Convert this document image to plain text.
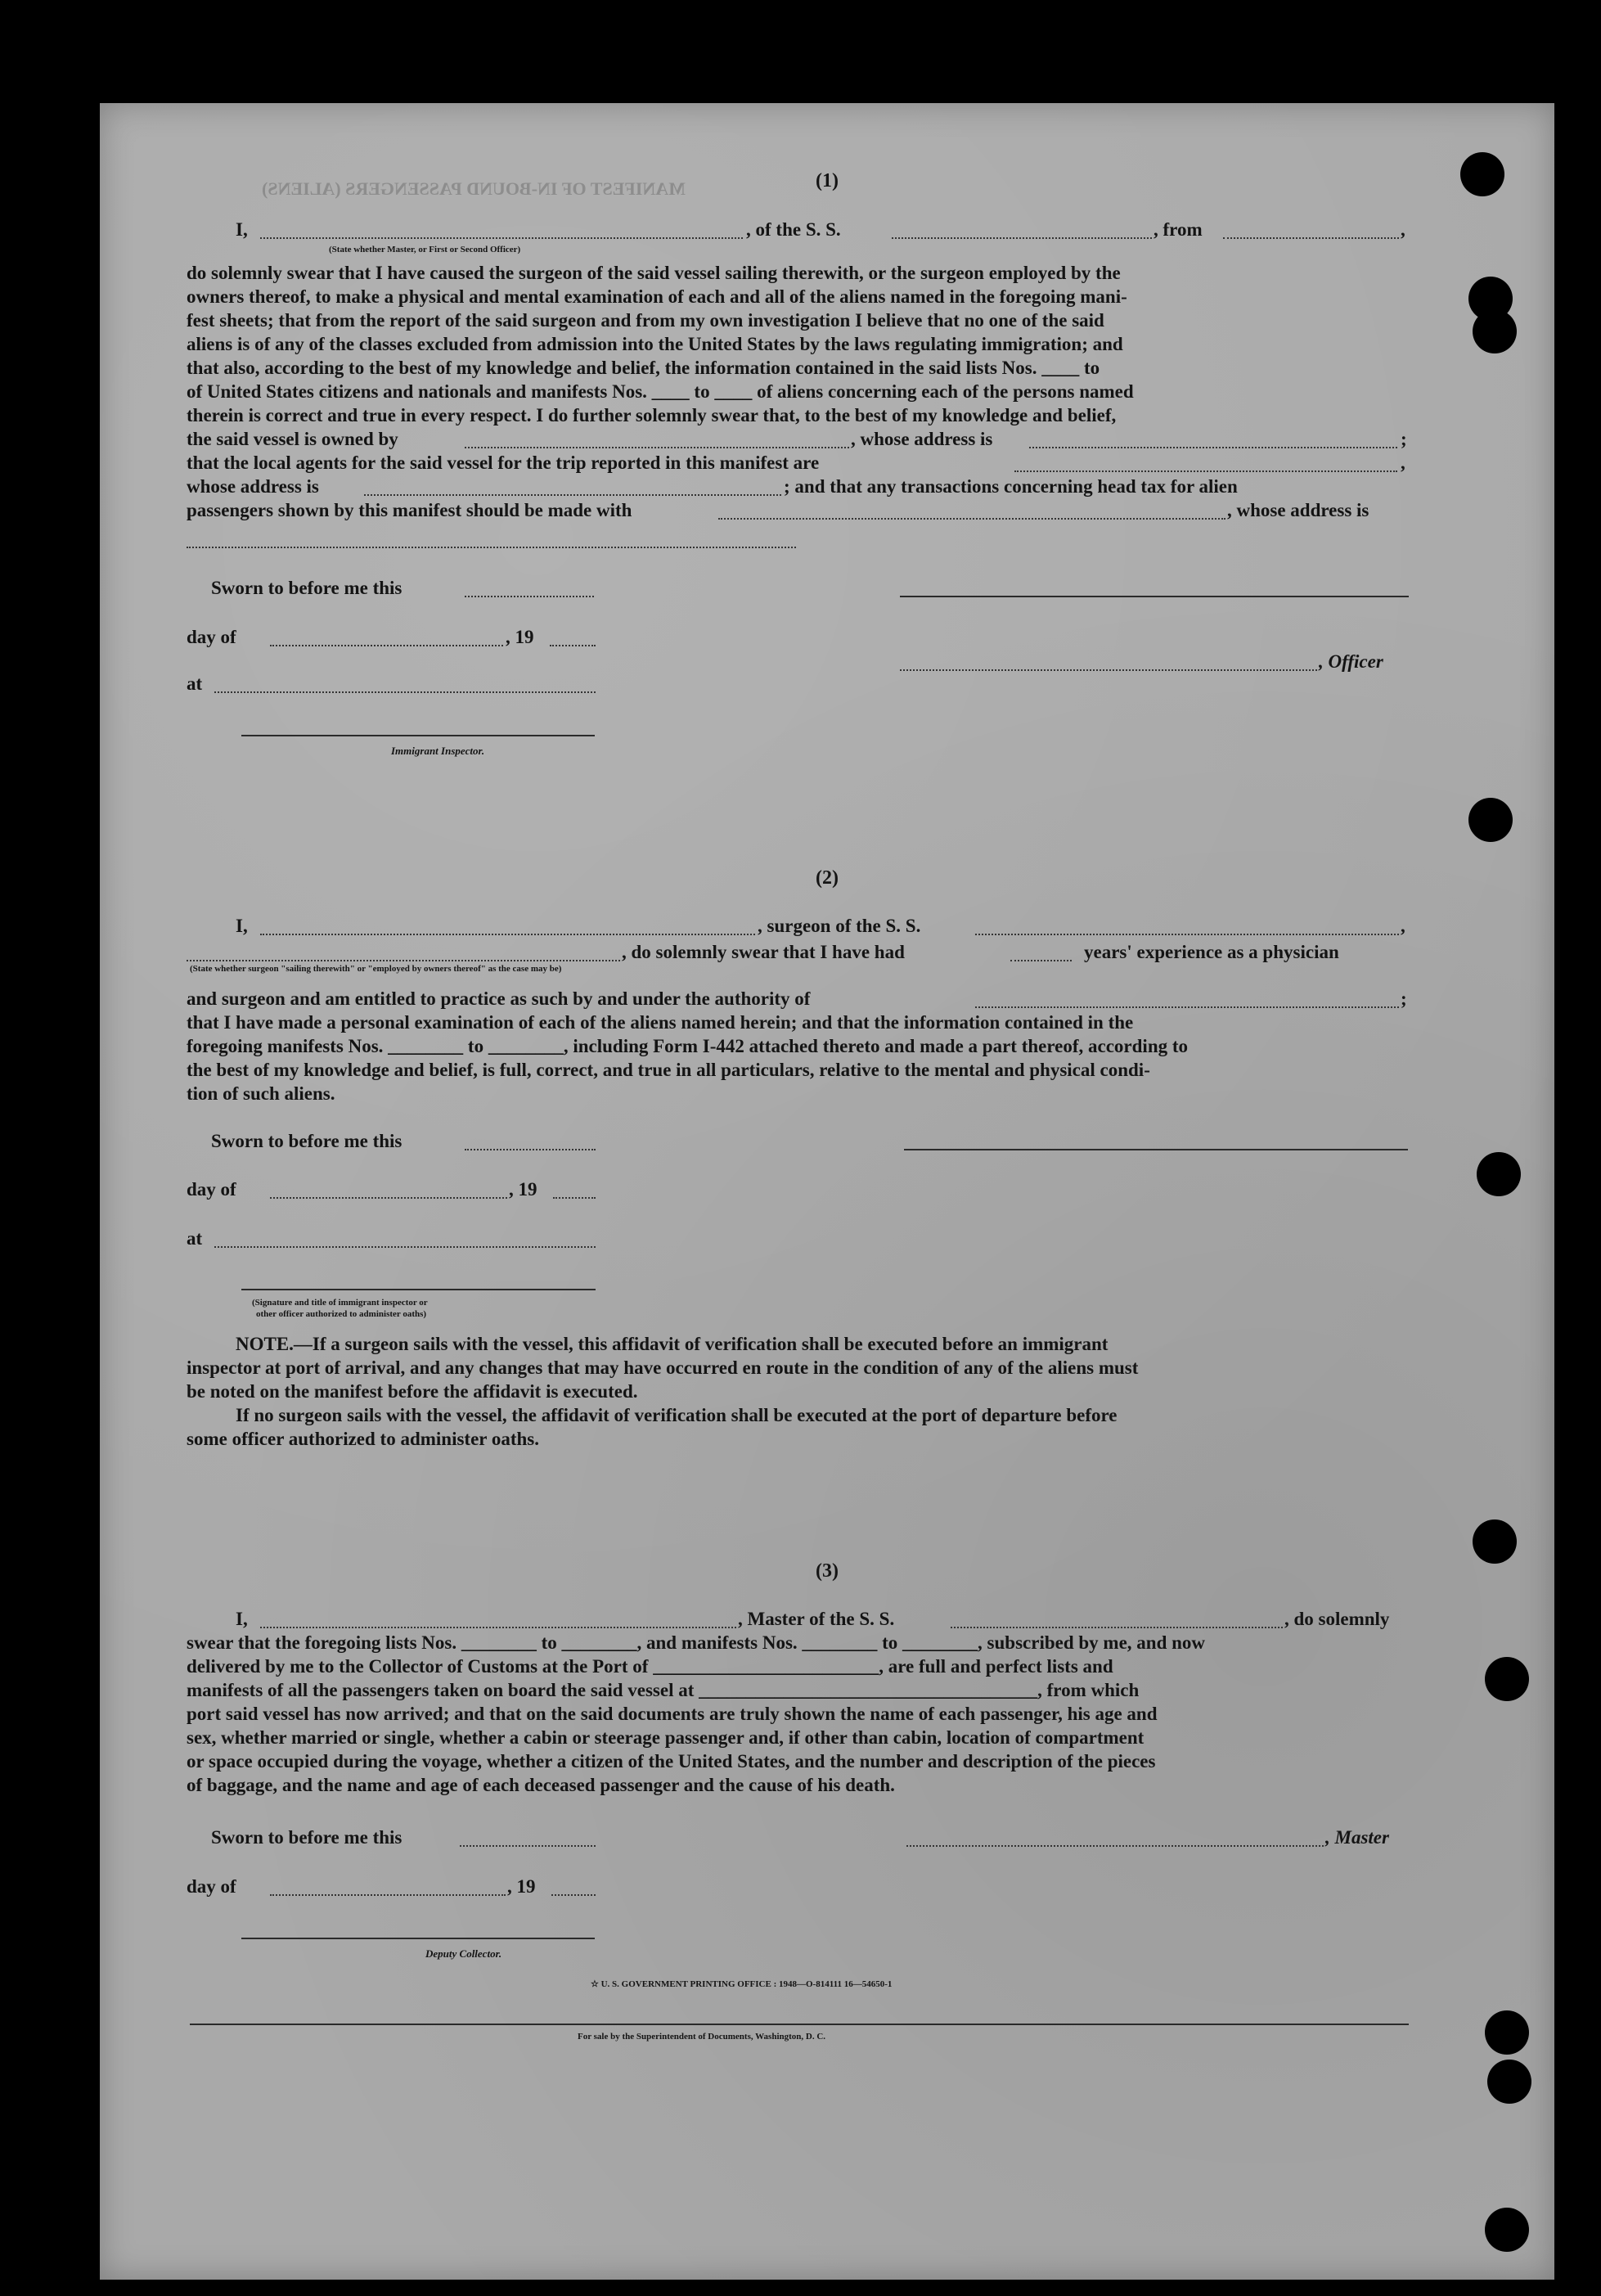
MANIFEST OF IN-BOUND PASSENGERS (ALIENS)	(1)
I,	, of the S. S.	, from	,
(State whether Master, or First or Second Officer)
do solemnly swear that I have caused the surgeon of the said vessel sailing therewith, or the surgeon employed by the
owners thereof, to make a physical and mental examination of each and all of the aliens named in the foregoing mani-
fest sheets; that from the report of the said surgeon and from my own investigation I believe that no one of the said
aliens is of any of the classes excluded from admission into the United States by the laws regulating immigration; and
that also, according to the best of my knowledge and belief, the information contained in the said lists Nos. ____ to
of United States citizens and nationals and manifests Nos. ____ to ____ of aliens concerning each of the persons named
therein is correct and true in every respect. I do further solemnly swear that, to the best of my knowledge and belief,
the said vessel is owned by	, whose address is	;
that the local agents for the said vessel for the trip reported in this manifest are	,
whose address is	; and that any transactions concerning head tax for alien
passengers shown by this manifest should be made with	, whose address is
Sworn to before me this
day of	, 19
, Officer
at
Immigrant Inspector.
(2)
I,	, surgeon of the S. S.	,
, do solemnly swear that I have had	years' experience as a physician
(State whether surgeon "sailing therewith" or "employed by owners thereof" as the case may be)
and surgeon and am entitled to practice as such by and under the authority of	;
that I have made a personal examination of each of the aliens named herein; and that the information contained in the
foregoing manifests Nos. ________ to ________, including Form I-442 attached thereto and made a part thereof, according to
the best of my knowledge and belief, is full, correct, and true in all particulars, relative to the mental and physical condi-
tion of such aliens.
Sworn to before me this
day of	, 19
at
(Signature and title of immigrant inspector or
other officer authorized to administer oaths)
NOTE.—If a surgeon sails with the vessel, this affidavit of verification shall be executed before an immigrant
inspector at port of arrival, and any changes that may have occurred en route in the condition of any of the aliens must
be noted on the manifest before the affidavit is executed.
If no surgeon sails with the vessel, the affidavit of verification shall be executed at the port of departure before
some officer authorized to administer oaths.
(3)
I,	, Master of the S. S.	, do solemnly
swear that the foregoing lists Nos. ________ to ________, and manifests Nos. ________ to ________, subscribed by me, and now
delivered by me to the Collector of Customs at the Port of ________________________, are full and perfect lists and
manifests of all the passengers taken on board the said vessel at ____________________________________, from which
port said vessel has now arrived; and that on the said documents are truly shown the name of each passenger, his age and
sex, whether married or single, whether a cabin or steerage passenger and, if other than cabin, location of compartment
or space occupied during the voyage, whether a citizen of the United States, and the number and description of the pieces
of baggage, and the name and age of each deceased passenger and the cause of his death.
Sworn to before me this	, Master
day of	, 19
Deputy Collector.
☆ U. S. GOVERNMENT PRINTING OFFICE : 1948—O-814111 16—54650-1
For sale by the Superintendent of Documents, Washington, D. C.
